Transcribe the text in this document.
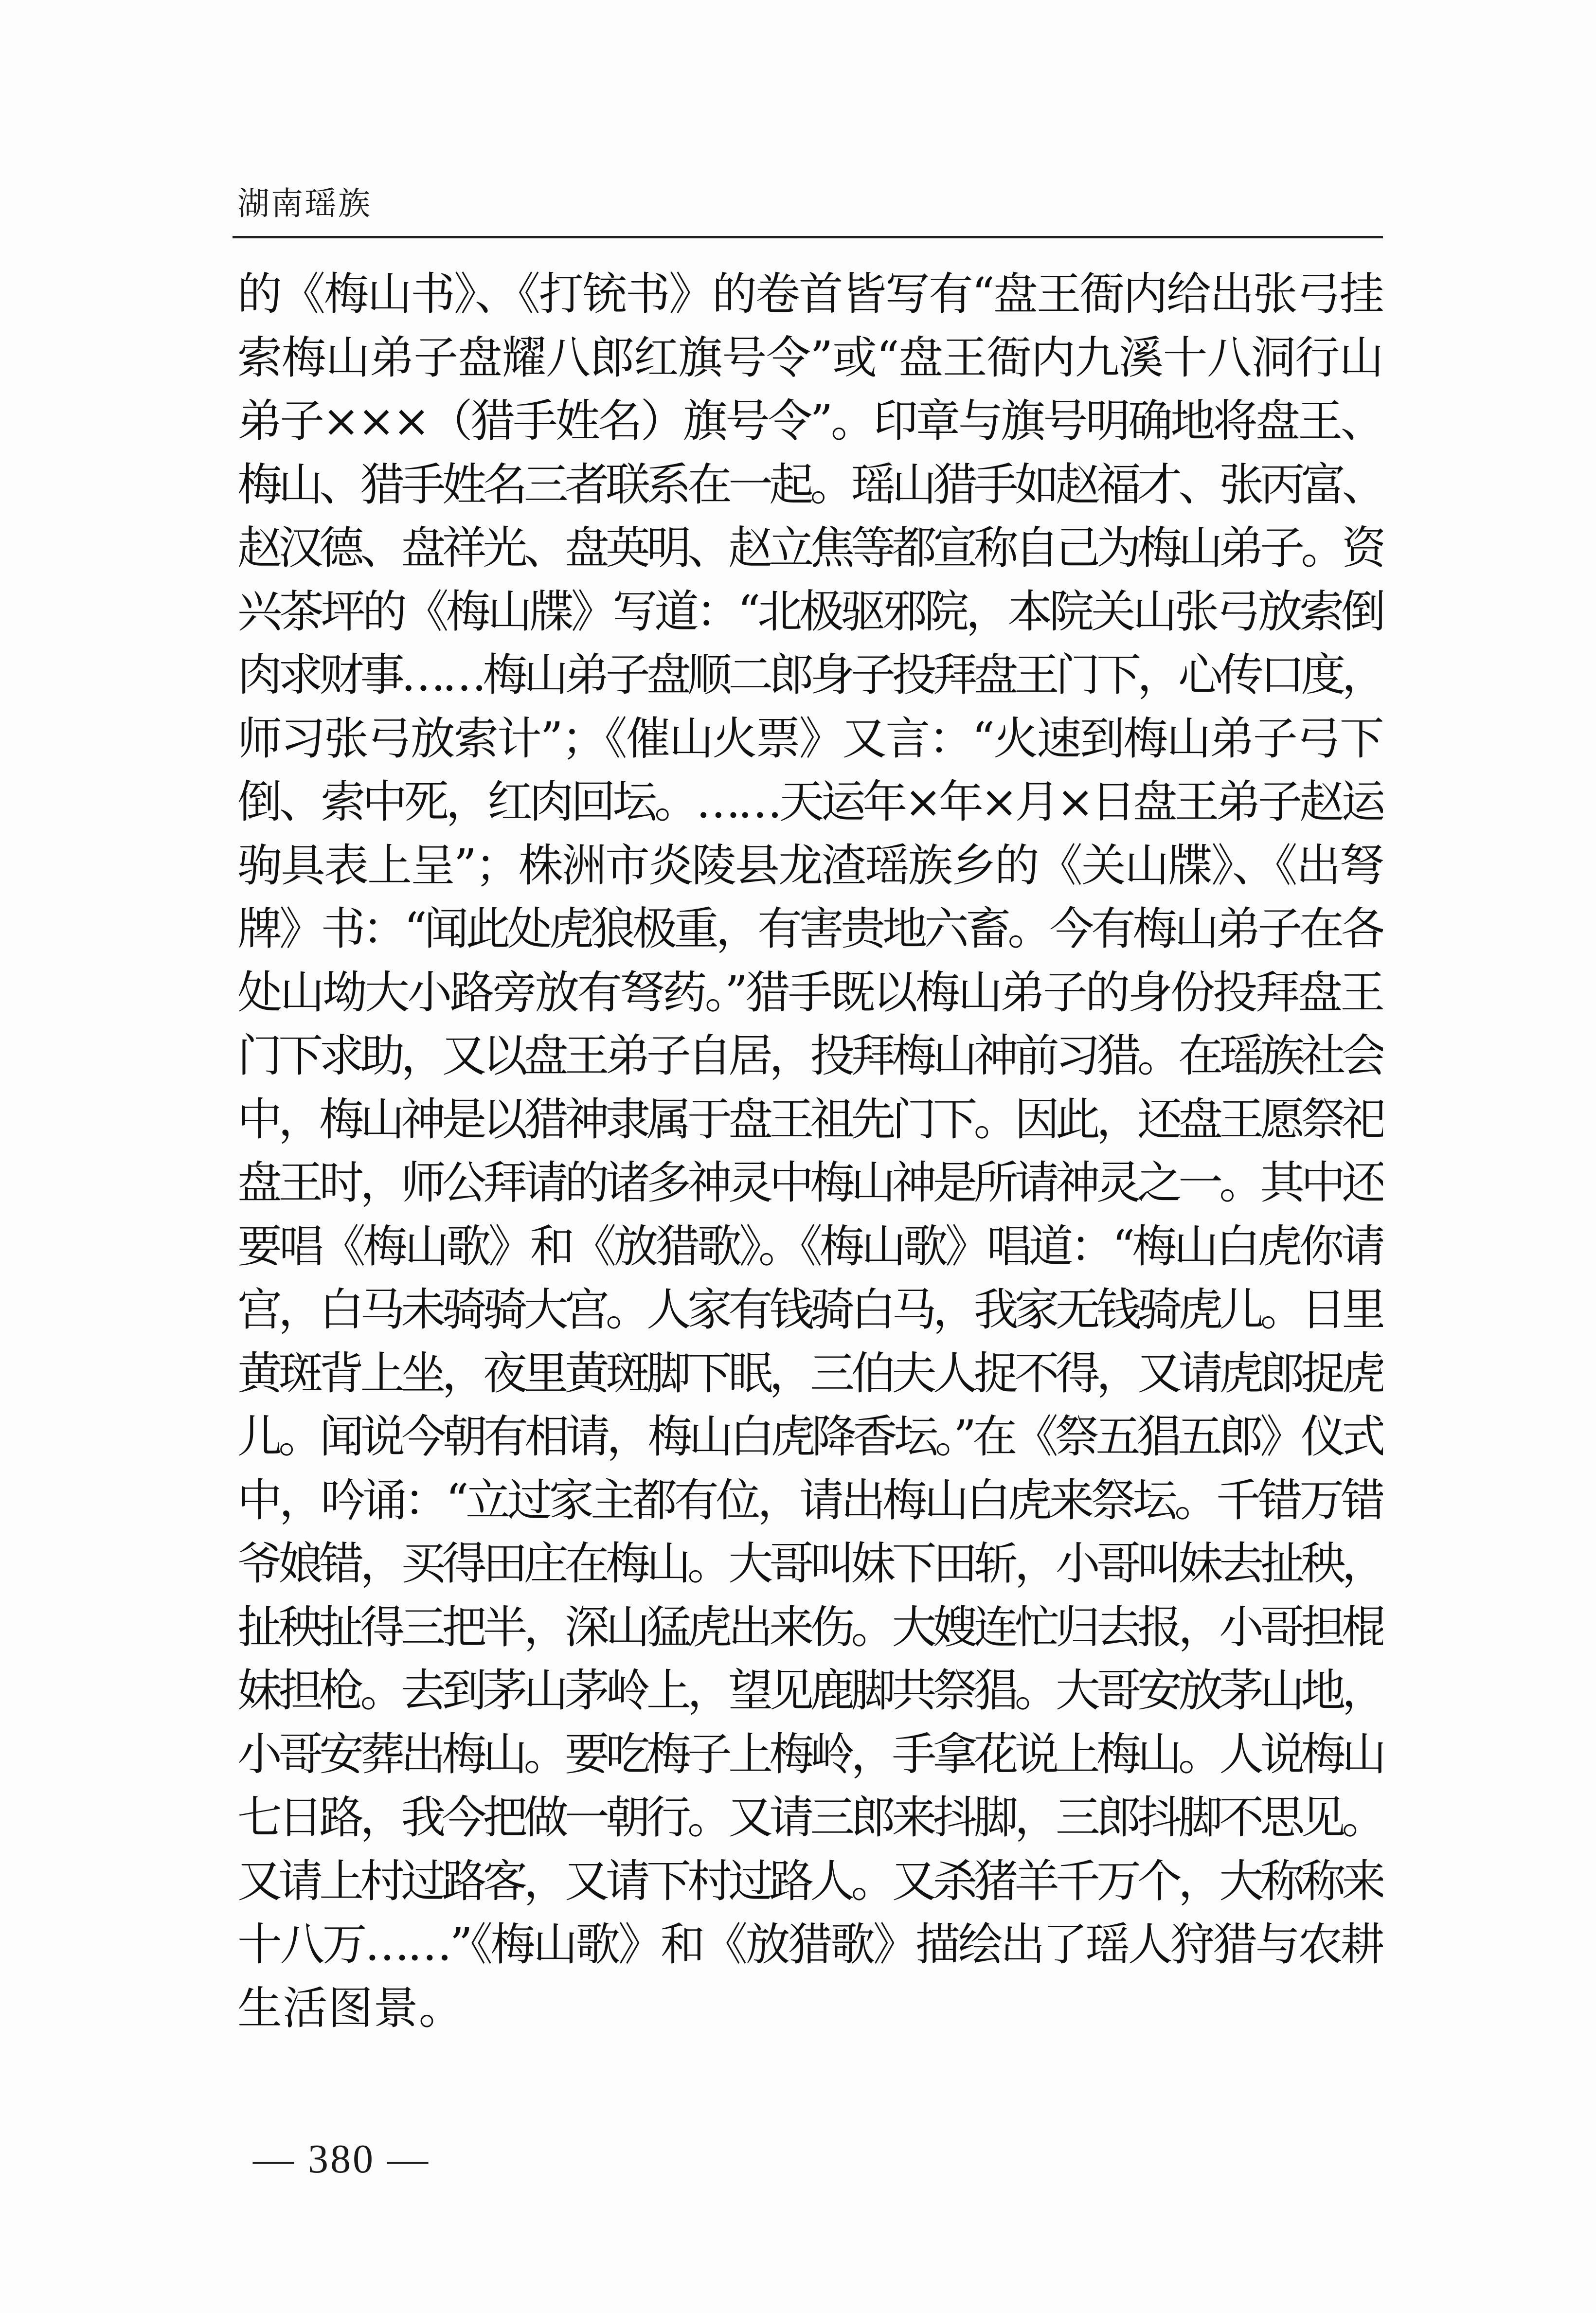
湖南瑶族
的《梅山书》、《打铳书》的卷首皆写有“盘王衙内给出张弓挂
索梅山弟子盘耀八郎红旗号令”或“盘王衙内九溪十八洞行山
弟子×××（猎手姓名）旗号令”。印章与旗号明确地将盘王、
梅山、猎手姓名三者联系在一起。瑶山猎手如赵福才、张丙富、
赵汉德、盘祥光、盘英明、赵立焦等都宣称自己为梅山弟子。资
兴茶坪的《梅山牒》写道：“北极驱邪院，本院关山张弓放索倒
肉求财事……梅山弟子盘顺二郎身子投拜盘王门下，心传口度，
师习张弓放索计”；《催山火票》又言：“火速到梅山弟子弓下
倒、索中死，红肉回坛。……天运年×年×月×日盘王弟子赵运
驹具表上呈”；株洲市炎陵县龙渣瑶族乡的《关山牒》、《出弩
牌》书：“闻此处虎狼极重，有害贵地六畜。今有梅山弟子在各
处山坳大小路旁放有弩药。”猎手既以梅山弟子的身份投拜盘王
门下求助，又以盘王弟子自居，投拜梅山神前习猎。在瑶族社会
中，梅山神是以猎神隶属于盘王祖先门下。因此，还盘王愿祭祀
盘王时，师公拜请的诸多神灵中梅山神是所请神灵之一。其中还
要唱《梅山歌》和《放猎歌》。《梅山歌》唱道：“梅山白虎你请
宫，白马未骑骑大宫。人家有钱骑白马，我家无钱骑虎儿。日里
黄斑背上坐，夜里黄斑脚下眠，三伯夫人捉不得，又请虎郎捉虎
儿。闻说今朝有相请，梅山白虎降香坛。”在《祭五猖五郎》仪式
中，吟诵：“立过家主都有位，请出梅山白虎来祭坛。千错万错
爷娘错，买得田庄在梅山。大哥叫妹下田斩，小哥叫妹去扯秧，
扯秧扯得三把半，深山猛虎出来伤。大嫂连忙归去报，小哥担棍
妹担枪。去到茅山茅岭上，望见鹿脚共祭猖。大哥安放茅山地，
小哥安葬出梅山。要吃梅子上梅岭，手拿花说上梅山。人说梅山
七日路，我今把做一朝行。又请三郎来抖脚，三郎抖脚不思见。
又请上村过路客，又请下村过路人。又杀猪羊千万个，大称称来
十八万……”《梅山歌》和《放猎歌》描绘出了瑶人狩猎与农耕
生活图景。
— 380 —
